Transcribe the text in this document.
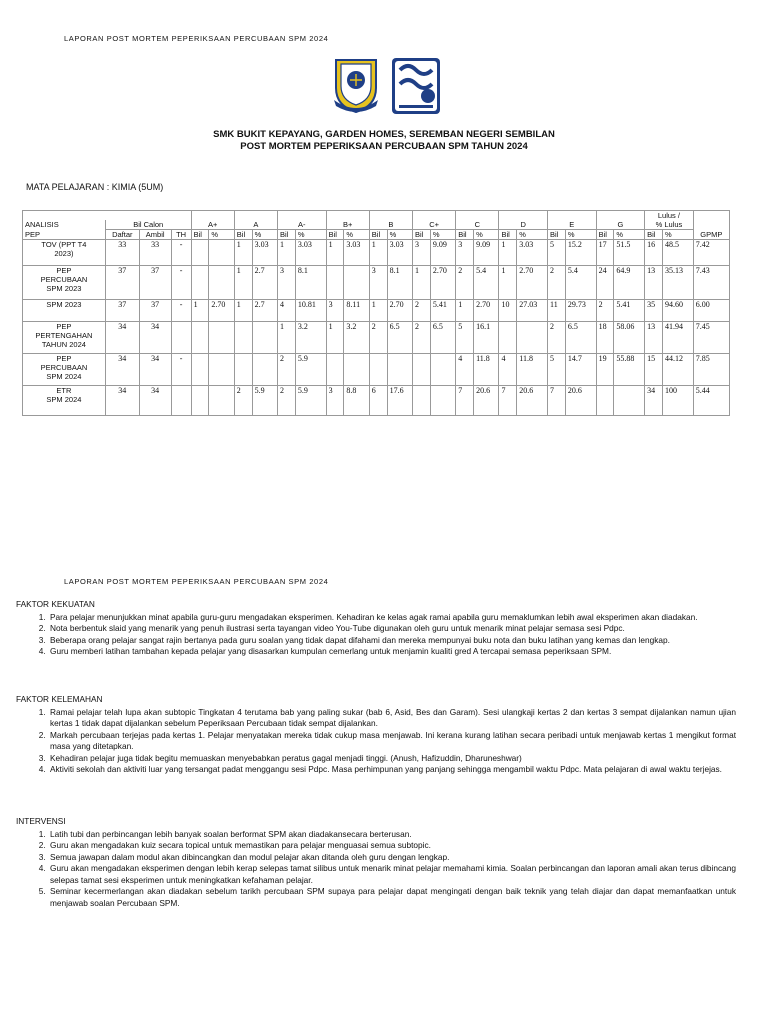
LAPORAN POST MORTEM PEPERIKSAAN PERCUBAAN SPM 2024
SMK BUKIT KEPAYANG, GARDEN HOMES, SEREMBAN NEGERI SEMBILAN
POST MORTEM PEPERIKSAAN PERCUBAAN SPM TAHUN 2024
MATA PELAJARAN : KIMIA (5UM)
																								Lulus /		
ANALISIS	Bil Calon			A+		A		A-		B+		B		C+		C		D		E		G		% Lulus		
PEP	Daftar	Ambil	TH	Bil	%	Bil	%	Bil	%	Bil	%	Bil	%	Bil	%	Bil	%	Bil	%	Bil	%	Bil	%	Bil	%	GPMP

TOV (PPT T4
2023)	33	33	-			1	3.03	1	3.03	1	3.03	1	3.03	3	9.09	3	9.09	1	3.03	5	15.2	17	51.5	16	48.5	7.42

PEP
PERCUBAAN
SPM 2023	37	37	-			1	2.7	3	8.1			3	8.1	1	2.70	2	5.4	1	2.70	2	5.4	24	64.9	13	35.13	7.43

SPM 2023	37	37	-	1	2.70	1	2.7	4	10.81	3	8.11	1	2.70	2	5.41	1	2.70	10	27.03	11	29.73	2	5.41	35	94.60	6.00

PEP
PERTENGAHAN
TAHUN 2024	34	34						1	3.2	1	3.2	2	6.5	2	6.5	5	16.1			2	6.5	18	58.06	13	41.94	7.45

PEP
PERCUBAAN
SPM 2024	34	34	-					2	5.9							4	11.8	4	11.8	5	14.7	19	55.88	15	44.12	7.85

ETR
SPM 2024	34	34				2	5.9	2	5.9	3	8.8	6	17.6			7	20.6	7	20.6	7	20.6			34	100	5.44
LAPORAN POST MORTEM PEPERIKSAAN PERCUBAAN SPM 2024
FAKTOR KEKUATAN
1. Para pelajar menunjukkan minat apabila guru-guru mengadakan eksperimen. Kehadiran ke kelas agak ramai apabila guru memaklumkan lebih awal eksperimen akan diadakan.
2. Nota berbentuk slaid yang menarik yang penuh ilustrasi serta tayangan video You-Tube digunakan oleh guru untuk menarik minat pelajar semasa sesi Pdpc.
3. Beberapa orang pelajar sangat rajin bertanya pada guru soalan yang tidak dapat difahami dan mereka mempunyai buku nota dan buku latihan yang kemas dan lengkap.
4. Guru memberi latihan tambahan kepada pelajar yang disasarkan kumpulan cemerlang untuk menjamin kualiti gred A tercapai semasa peperiksaan SPM.
FAKTOR KELEMAHAN
1. Ramai pelajar telah lupa akan subtopic Tingkatan 4 terutama bab yang paling sukar (bab 6, Asid, Bes dan Garam). Sesi ulangkaji kertas 2 dan kertas 3 sempat dijalankan namun ujian kertas 1 tidak dapat dijalankan sebelum Peperiksaan Percubaan tidak sempat dijalankan.
2. Markah percubaan terjejas pada kertas 1. Pelajar menyatakan mereka tidak cukup masa menjawab. Ini kerana kurang latihan secara peribadi untuk menjawab kertas 1 mengikut format masa yang ditetapkan.
3. Kehadiran pelajar juga tidak begitu memuaskan menyebabkan peratus gagal menjadi tinggi. (Anush, Hafizuddin, Dharuneshwar)
4. Aktiviti sekolah dan aktiviti luar yang tersangat padat menggangu sesi Pdpc. Masa perhimpunan yang panjang sehingga mengambil waktu Pdpc. Mata pelajaran di awal waktu terjejas.
INTERVENSI
1. Latih tubi dan perbincangan lebih banyak soalan berformat SPM akan diadakansecara berterusan.
2. Guru akan mengadakan kuiz secara topical untuk memastikan para pelajar menguasai semua subtopic.
3. Semua jawapan dalam modul akan dibincangkan dan modul pelajar akan ditanda oleh guru dengan lengkap.
4. Guru akan mengadakan eksperimen dengan lebih kerap selepas tamat silibus untuk menarik minat pelajar memahami kimia. Soalan perbincangan dan laporan amali akan terus dibincang selepas tamat sesi eksperimen untuk meningkatkan kefahaman pelajar.
5. Seminar kecermerlangan akan diadakan sebelum tarikh percubaan SPM supaya para pelajar dapat mengingati dengan baik teknik yang telah diajar dan dapat memanfaatkan untuk menjawab soalan Percubaan SPM.
